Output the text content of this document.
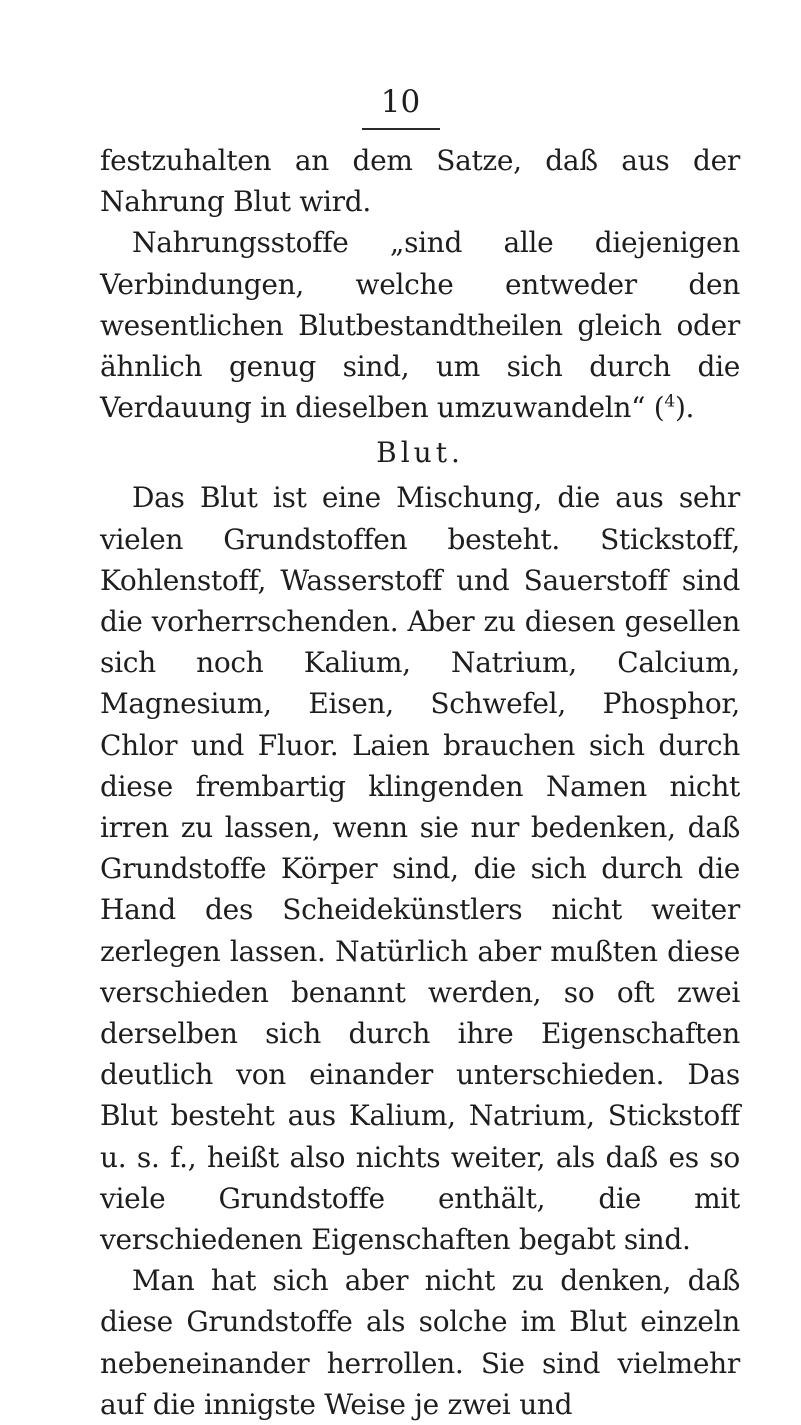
10

festzuhalten an dem Satze, daß aus der Nahrung Blut wird.

Nahrungsstoffe „sind alle diejenigen Verbindungen, welche entweder den wesentlichen Blutbestandtheilen gleich oder ähnlich genug sind, um sich durch die Verdauung in dieselben umzuwandeln“ ($^4$).

Blut.

Das Blut ist eine Mischung, die aus sehr vielen Grundstoffen besteht. Stickstoff, Kohlenstoff, Wasserstoff und Sauerstoff sind die vorherrschenden. Aber zu diesen gesellen sich noch Kalium, Natrium, Calcium, Magnesium, Eisen, Schwefel, Phosphor, Chlor und Fluor. Laien brauchen sich durch diese frembartig klingenden Namen nicht irren zu lassen, wenn sie nur bedenken, daß Grundstoffe Körper sind, die sich durch die Hand des Scheidekünstlers nicht weiter zerlegen lassen. Natürlich aber mußten diese verschieden benannt werden, so oft zwei derselben sich durch ihre Eigenschaften deutlich von einander unterschieden. Das Blut besteht aus Kalium, Natrium, Stickstoff u. s. f., heißt also nichts weiter, als daß es so viele Grundstoffe enthält, die mit verschiedenen Eigenschaften begabt sind.

Man hat sich aber nicht zu denken, daß diese Grundstoffe als solche im Blut einzeln nebeneinander herrollen. Sie sind vielmehr auf die innigste Weise je zwei und
